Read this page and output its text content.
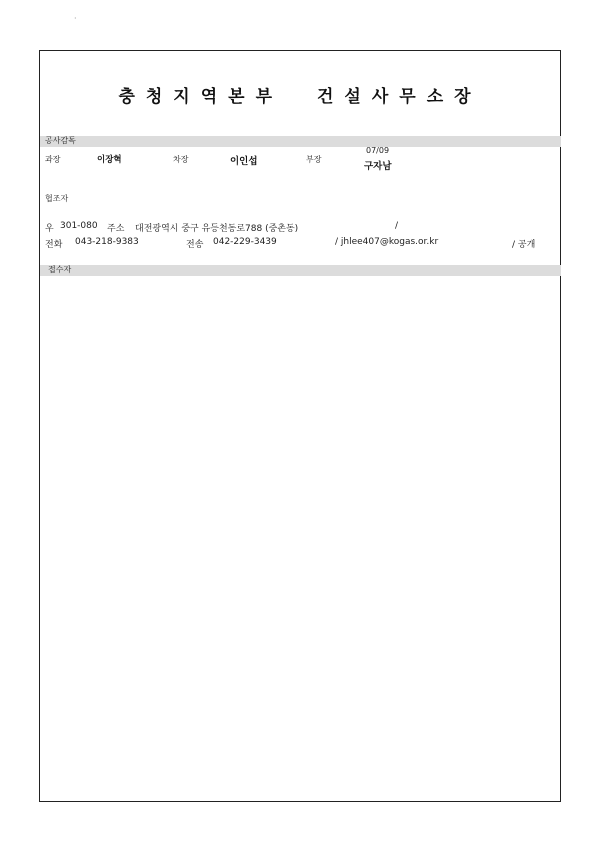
·
충청지역본부 건설사무소장
공사감독
과장	이장혁	차장	이인섭	부장
07/09
구자남
협조자
우 301-080 주소 대전광역시 중구 유등천동로788 (중촌동)	/
전화 043-218-9383	전송 042-229-3439	/ jhlee407@kogas.or.kr	/ 공개
접수자
